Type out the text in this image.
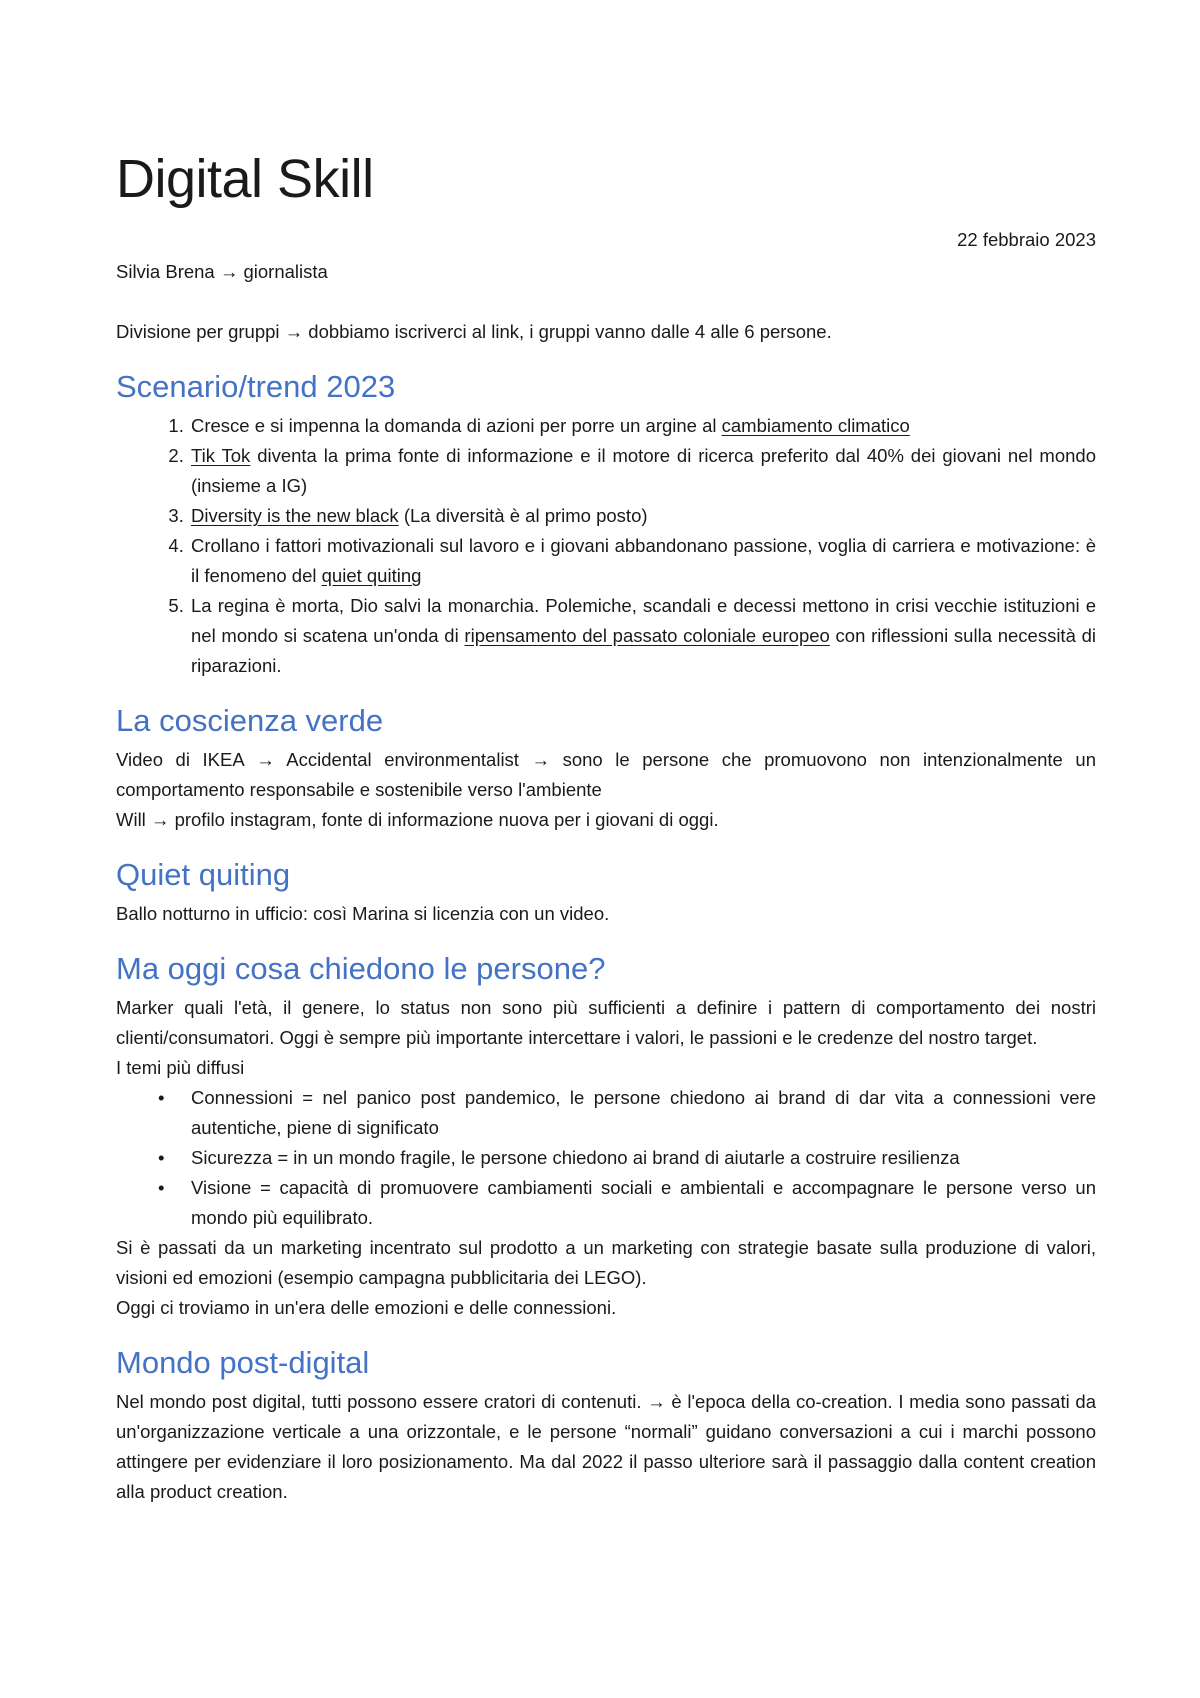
Digital Skill
22 febbraio 2023

Silvia Brena → giornalista

Divisione per gruppi → dobbiamo iscriverci al link, i gruppi vanno dalle 4 alle 6 persone.

Scenario/trend 2023
1. Cresce e si impenna la domanda di azioni per porre un argine al cambiamento climatico
2. Tik Tok diventa la prima fonte di informazione e il motore di ricerca preferito dal 40% dei giovani nel mondo (insieme a IG)
3. Diversity is the new black (La diversità è al primo posto)
4. Crollano i fattori motivazionali sul lavoro e i giovani abbandonano passione, voglia di carriera e motivazione: è il fenomeno del quiet quiting
5. La regina è morta, Dio salvi la monarchia. Polemiche, scandali e decessi mettono in crisi vecchie istituzioni e nel mondo si scatena un'onda di ripensamento del passato coloniale europeo con riflessioni sulla necessità di riparazioni.
La coscienza verde

Video di IKEA → Accidental environmentalist → sono le persone che promuovono non intenzionalmente un comportamento responsabile e sostenibile verso l'ambiente

Will → profilo instagram, fonte di informazione nuova per i giovani di oggi.

Quiet quiting

Ballo notturno in ufficio: così Marina si licenzia con un video.

Ma oggi cosa chiedono le persone?

Marker quali l'età, il genere, lo status non sono più sufficienti a definire i pattern di comportamento dei nostri clienti/consumatori. Oggi è sempre più importante intercettare i valori, le passioni e le credenze del nostro target.

I temi più diffusi

• Connessioni = nel panico post pandemico, le persone chiedono ai brand di dar vita a connessioni vere autentiche, piene di significato
• Sicurezza = in un mondo fragile, le persone chiedono ai brand di aiutarle a costruire resilienza
• Visione = capacità di promuovere cambiamenti sociali e ambientali e accompagnare le persone verso un mondo più equilibrato.

Si è passati da un marketing incentrato sul prodotto a un marketing con strategie basate sulla produzione di valori, visioni ed emozioni (esempio campagna pubblicitaria dei LEGO).

Oggi ci troviamo in un'era delle emozioni e delle connessioni.

Mondo post-digital

Nel mondo post digital, tutti possono essere cratori di contenuti. → è l'epoca della co-creation. I media sono passati da un'organizzazione verticale a una orizzontale, e le persone “normali” guidano conversazioni a cui i marchi possono attingere per evidenziare il loro posizionamento. Ma dal 2022 il passo ulteriore sarà il passaggio dalla content creation alla product creation.
